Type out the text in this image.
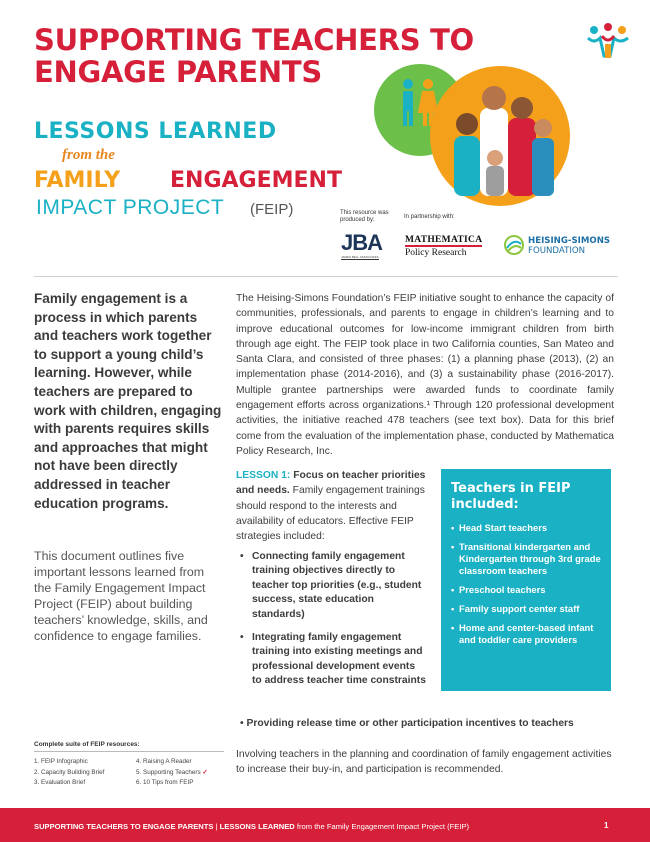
SUPPORTING TEACHERS TO ENGAGE PARENTS
LESSONS LEARNED
from the
FAMILY ENGAGEMENT
IMPACT PROJECT (FEIP)	This resource was produced by:	In partnership with:
JBA
JAMES BELL ASSOCIATES
MATHEMATICA
Policy Research
HEISING-SIMONS
FOUNDATION
Family engagement is a process in which parents and teachers work together to support a young child’s learning. However, while teachers are prepared to work with children, engaging with parents requires skills and approaches that might not have been directly addressed in teacher education programs.
This document outlines five important lessons learned from the Family Engagement Impact Project (FEIP) about building teachers’ knowledge, skills, and confidence to engage families.
The Heising-Simons Foundation’s FEIP initiative sought to enhance the capacity of communities, professionals, and parents to engage in children’s learning and to improve educational outcomes for low-income immigrant children from birth through age eight. The FEIP took place in two California counties, San Mateo and Santa Clara, and consisted of three phases: (1) a planning phase (2013), (2) an implementation phase (2014-2016), and (3) a sustainability phase (2016-2017). Multiple grantee partnerships were awarded funds to coordinate family engagement efforts across organizations.¹ Through 120 professional development activities, the initiative reached 478 teachers (see text box). Data for this brief come from the evaluation of the implementation phase, conducted by Mathematica Policy Research, Inc.
LESSON 1: Focus on teacher priorities and needs. Family engagement trainings should respond to the interests and availability of educators. Effective FEIP strategies included:
• Connecting family engagement training objectives directly to teacher top priorities (e.g., student success, state education standards)
• Integrating family engagement training into existing meetings and professional development events to address teacher time constraints
• Providing release time or other participation incentives to teachers
Teachers in FEIP included:
• Head Start teachers
• Transitional kindergarten and Kindergarten through 3rd grade classroom teachers
• Preschool teachers
• Family support center staff
• Home and center-based infant and toddler care providers
Involving teachers in the planning and coordination of family engagement activities to increase their buy-in, and participation is recommended.
Complete suite of FEIP resources:
1. FEIP Infographic
2. Capacity Building Brief
3. Evaluation Brief
4. Raising A Reader
5. Supporting Teachers ✓
6. 10 Tips from FEIP
SUPPORTING TEACHERS TO ENGAGE PARENTS | LESSONS LEARNED from the Family Engagement Impact Project (FEIP)	1
